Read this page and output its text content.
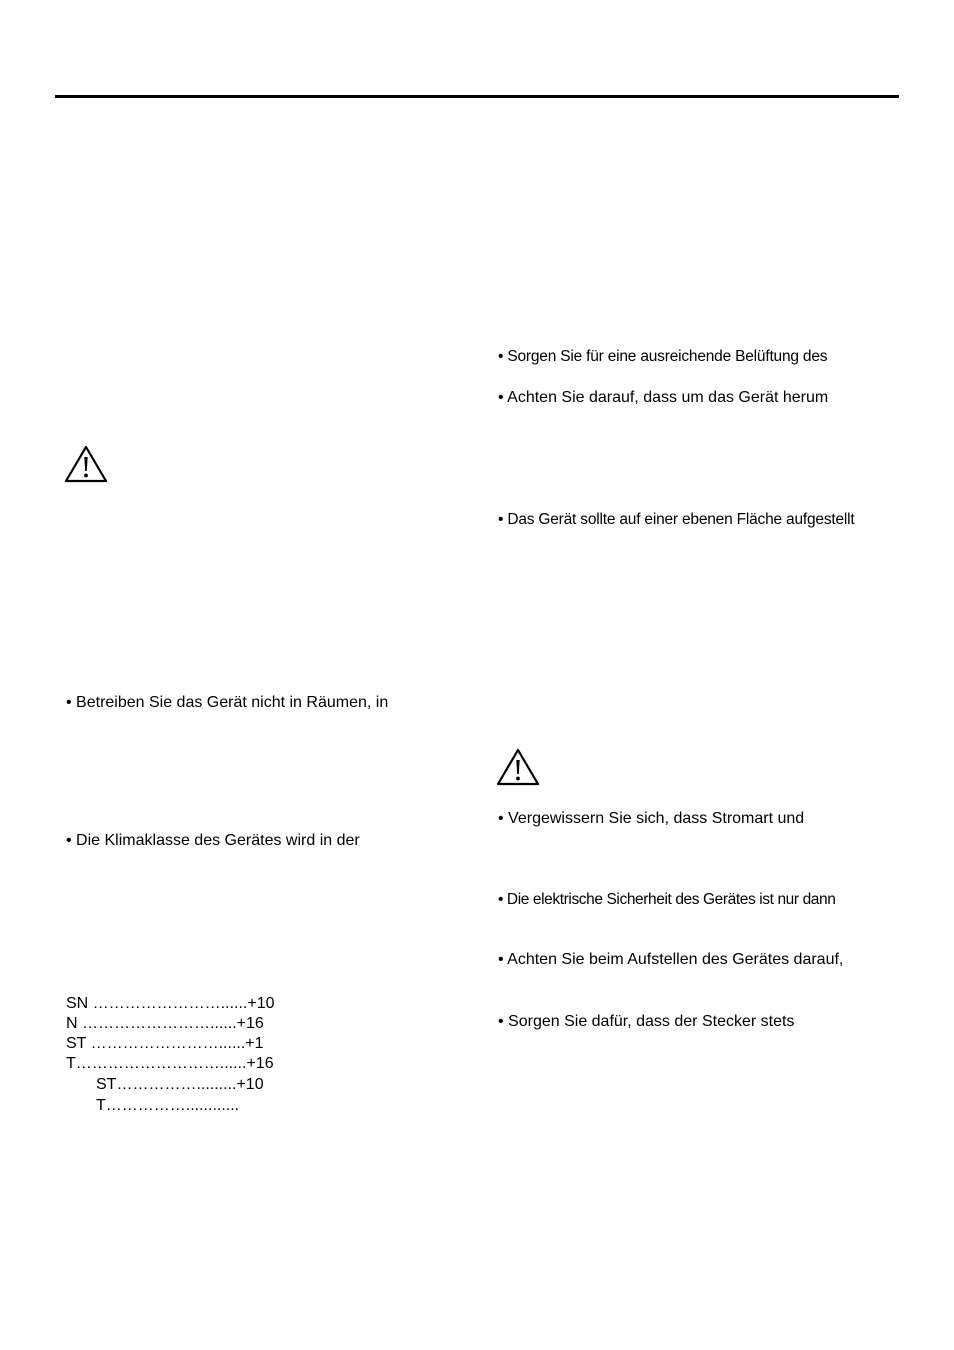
• Betreiben Sie das Gerät nicht in Räumen, in
• Die Klimaklasse des Gerätes wird in der
SN ……………………......+10
N ……………………......+16
ST ……………………......+1
T………………………......+16
ST…………….........+10
T……………............
• Sorgen Sie für eine ausreichende Belüftung des
• Achten Sie darauf, dass um das Gerät herum
• Das Gerät sollte auf einer ebenen Fläche aufgestellt
• Vergewissern Sie sich, dass Stromart und
• Die elektrische Sicherheit des Gerätes ist nur dann
• Achten Sie beim Aufstellen des Gerätes darauf,
• Sorgen Sie dafür, dass der Stecker stets
